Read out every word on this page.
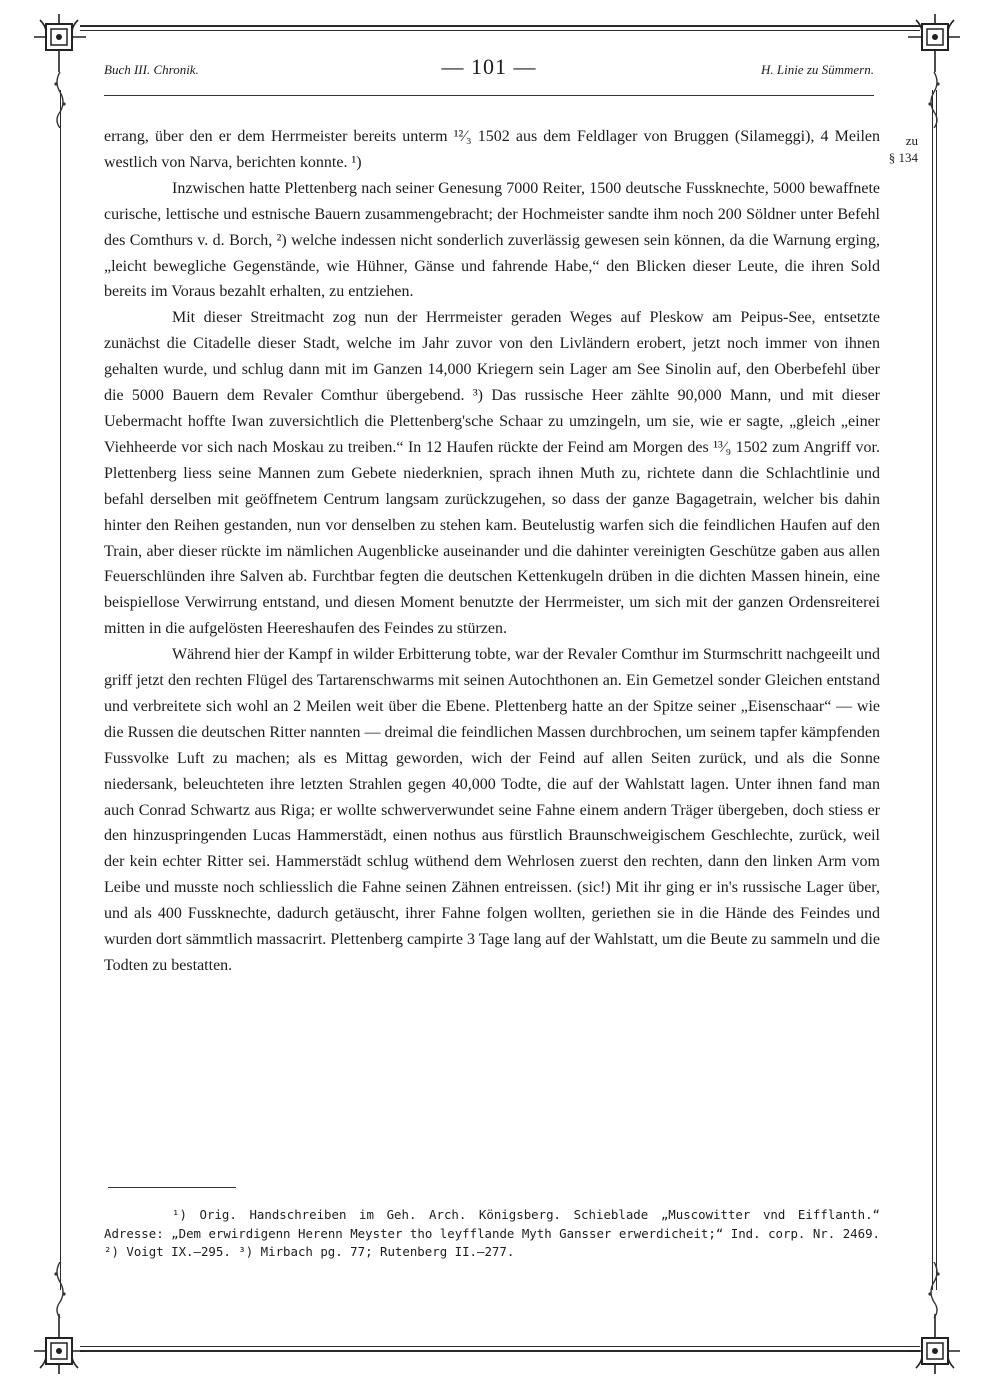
Buch III. Chronik.	— 101 —	H. Linie zu Sümmern.
zu
§ 134

errang, über den er dem Herrmeister bereits unterm ¹²⁄₃ 1502 aus dem Feldlager von Bruggen (Silameggi), 4 Meilen westlich von Narva, berichten konnte. ¹)

Inzwischen hatte Plettenberg nach seiner Genesung 7000 Reiter, 1500 deutsche Fussknechte, 5000 bewaffnete curische, lettische und estnische Bauern zusammengebracht; der Hochmeister sandte ihm noch 200 Söldner unter Befehl des Comthurs v. d. Borch, ²) welche indessen nicht sonderlich zuverlässig gewesen sein können, da die Warnung erging, „leicht bewegliche Gegenstände, wie Hühner, Gänse und fahrende Habe,“ den Blicken dieser Leute, die ihren Sold bereits im Voraus bezahlt erhalten, zu entziehen.

Mit dieser Streitmacht zog nun der Herrmeister geraden Weges auf Pleskow am Peipus-See, entsetzte zunächst die Citadelle dieser Stadt, welche im Jahr zuvor von den Livländern erobert, jetzt noch immer von ihnen gehalten wurde, und schlug dann mit im Ganzen 14,000 Kriegern sein Lager am See Sinolin auf, den Oberbefehl über die 5000 Bauern dem Revaler Comthur übergebend. ³) Das russische Heer zählte 90,000 Mann, und mit dieser Uebermacht hoffte Iwan zuversichtlich die Plettenberg'sche Schaar zu umzingeln, um sie, wie er sagte, „gleich „einer Viehheerde vor sich nach Moskau zu treiben.“ In 12 Haufen rückte der Feind am Morgen des ¹³⁄₉ 1502 zum Angriff vor. Plettenberg liess seine Mannen zum Gebete niederknien, sprach ihnen Muth zu, richtete dann die Schlachtlinie und befahl derselben mit geöffnetem Centrum langsam zurückzugehen, so dass der ganze Bagagetrain, welcher bis dahin hinter den Reihen gestanden, nun vor denselben zu stehen kam. Beutelustig warfen sich die feindlichen Haufen auf den Train, aber dieser rückte im nämlichen Augenblicke auseinander und die dahinter vereinigten Geschütze gaben aus allen Feuerschlünden ihre Salven ab. Furchtbar fegten die deutschen Kettenkugeln drüben in die dichten Massen hinein, eine beispiellose Verwirrung entstand, und diesen Moment benutzte der Herrmeister, um sich mit der ganzen Ordensreiterei mitten in die aufgelösten Heereshaufen des Feindes zu stürzen.

Während hier der Kampf in wilder Erbitterung tobte, war der Revaler Comthur im Sturmschritt nachgeeilt und griff jetzt den rechten Flügel des Tartarenschwarms mit seinen Autochthonen an. Ein Gemetzel sonder Gleichen entstand und verbreitete sich wohl an 2 Meilen weit über die Ebene. Plettenberg hatte an der Spitze seiner „Eisenschaar“ — wie die Russen die deutschen Ritter nannten — dreimal die feindlichen Massen durchbrochen, um seinem tapfer kämpfenden Fussvolke Luft zu machen; als es Mittag geworden, wich der Feind auf allen Seiten zurück, und als die Sonne niedersank, beleuchteten ihre letzten Strahlen gegen 40,000 Todte, die auf der Wahlstatt lagen. Unter ihnen fand man auch Conrad Schwartz aus Riga; er wollte schwerverwundet seine Fahne einem andern Träger übergeben, doch stiess er den hinzuspringenden Lucas Hammerstädt, einen nothus aus fürstlich Braunschweigischem Geschlechte, zurück, weil der kein echter Ritter sei. Hammerstädt schlug wüthend dem Wehrlosen zuerst den rechten, dann den linken Arm vom Leibe und musste noch schliesslich die Fahne seinen Zähnen entreissen. (sic!) Mit ihr ging er in's russische Lager über, und als 400 Fussknechte, dadurch getäuscht, ihrer Fahne folgen wollten, geriethen sie in die Hände des Feindes und wurden dort sämmtlich massacrirt. Plettenberg campirte 3 Tage lang auf der Wahlstatt, um die Beute zu sammeln und die Todten zu bestatten.

¹) Orig. Handschreiben im Geh. Arch. Königsberg. Schieblade „Muscowitter vnd Eifflanth.“ Adresse: „Dem erwirdigenn Herenn Meyster tho leyfflande Myth Gansser erwerdicheit;“ Ind. corp. Nr. 2469. ²) Voigt IX.—295. ³) Mirbach pg. 77; Rutenberg II.—277.
